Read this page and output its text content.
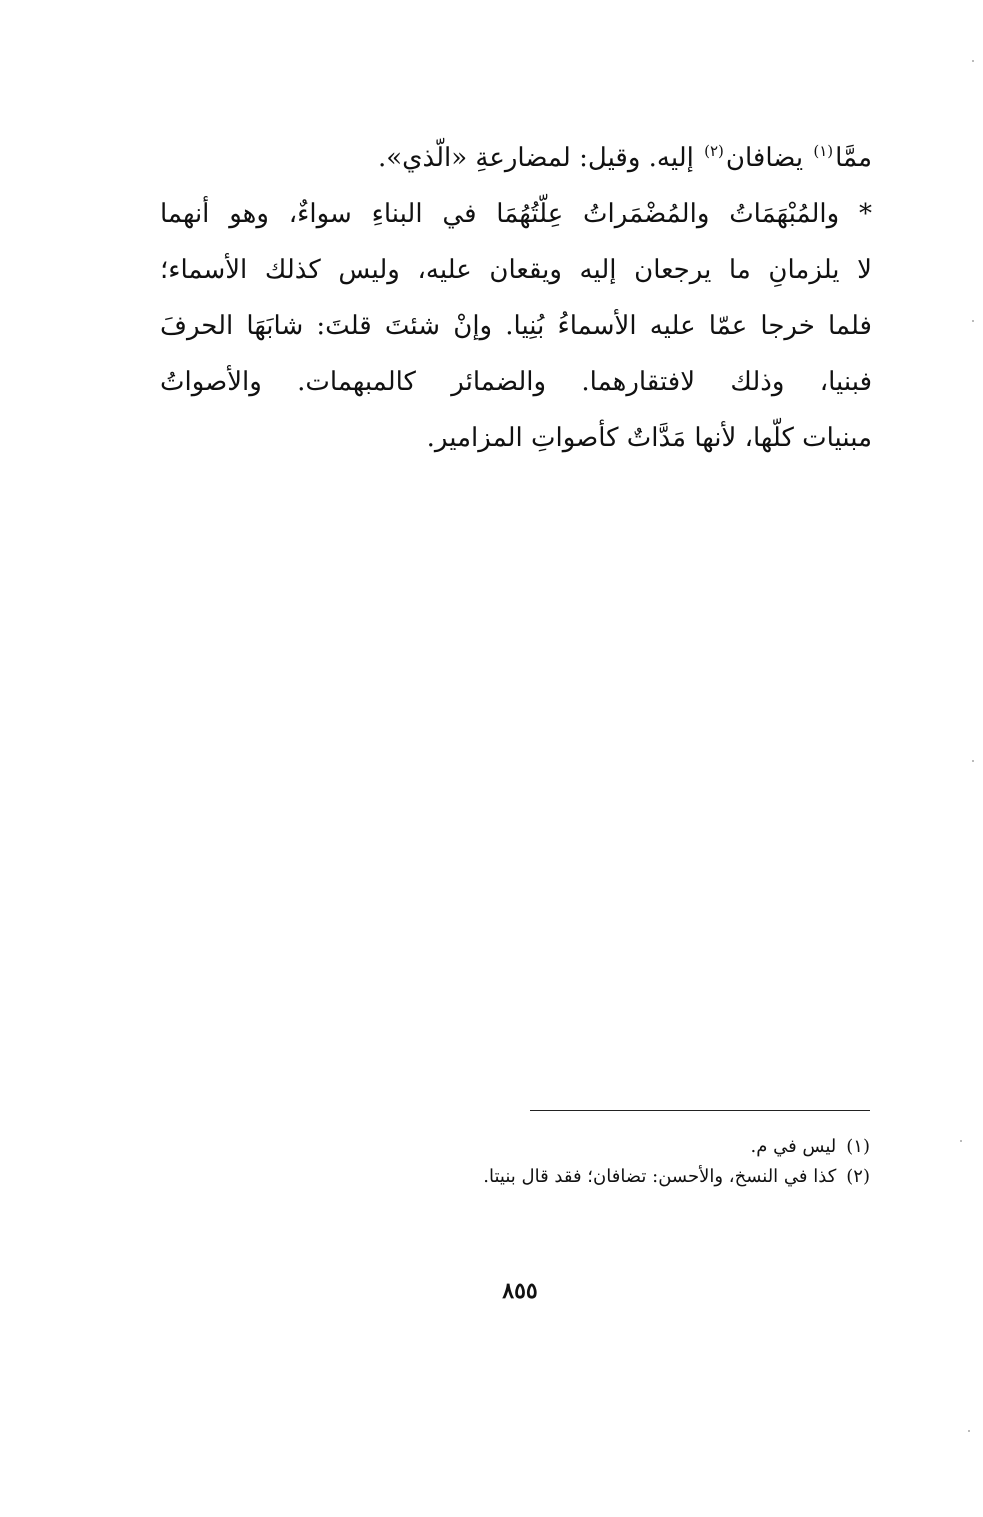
ممَّا$^{(١)}$ يضافان$^{(٢)}$ إليه. وقيل: لمضارعةِ «الّذي».
* والمُبْهَمَاتُ والمُضْمَراتُ عِلّتُهُمَا في البناءِ سواءٌ، وهو أنهما
لا يلزمانِ ما يرجعان إليه ويقعان عليه، وليس كذلك الأسماء؛
فلما خرجا عمّا عليه الأسماءُ بُنِيا. وإنْ شئتَ قلتَ: شابَهَا الحرفَ
فبنيا، وذلك لافتقارهما. والضمائر كالمبهمات. والأصواتُ
مبنيات كلّها، لأنها مَدَّاتٌ كأصواتِ المزامير.
(١)ليس في م.
(٢)كذا في النسخ، والأحسن: تضافان؛ فقد قال بنيتا.
٨٥٥
